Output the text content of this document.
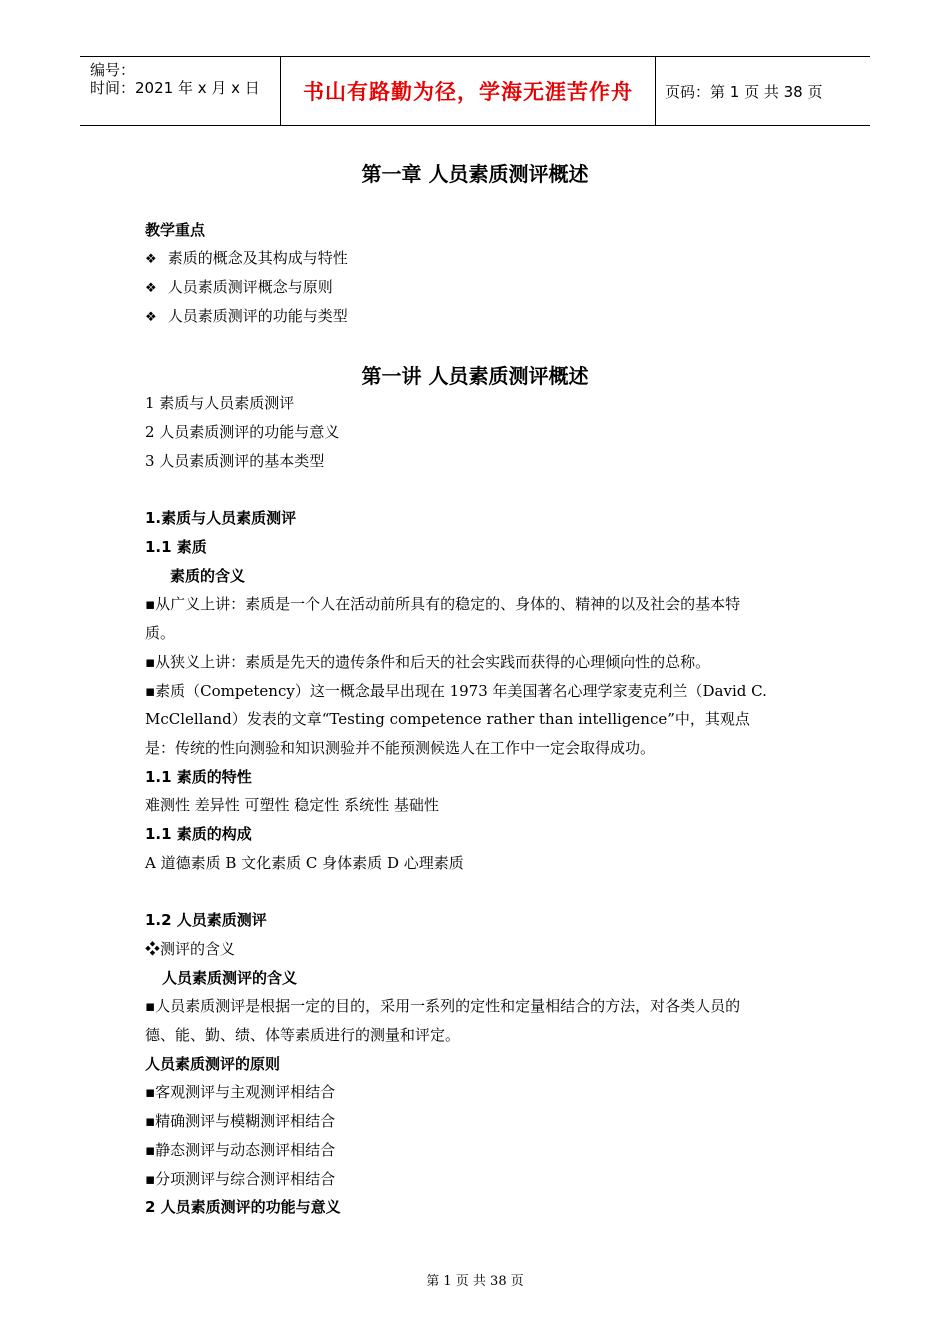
编号：
时间：2021 年 x 月 x 日 书山有路勤为径，学海无涯苦作舟 页码：第 1 页 共 38 页
第一章 人员素质测评概述
教学重点
❖ 素质的概念及其构成与特性
❖ 人员素质测评概念与原则
❖ 人员素质测评的功能与类型
第一讲 人员素质测评概述
1 素质与人员素质测评
2 人员素质测评的功能与意义
3 人员素质测评的基本类型
1.素质与人员素质测评
1.1 素质
素质的含义
▪从广义上讲：素质是一个人在活动前所具有的稳定的、身体的、精神的以及社会的基本特
质。
▪从狭义上讲：素质是先天的遗传条件和后天的社会实践而获得的心理倾向性的总称。
▪素质（Competency）这一概念最早出现在 1973 年美国著名心理学家麦克利兰（David C.
McClelland）发表的文章“Testing competence rather than intelligence”中，其观点
是：传统的性向测验和知识测验并不能预测候选人在工作中一定会取得成功。
1.1 素质的特性
难测性 差异性 可塑性 稳定性 系统性 基础性
1.1 素质的构成
A 道德素质 B 文化素质 C 身体素质 D 心理素质
1.2 人员素质测评
❖测评的含义
人员素质测评的含义
▪人员素质测评是根据一定的目的，采用一系列的定性和定量相结合的方法，对各类人员的
德、能、勤、绩、体等素质进行的测量和评定。
人员素质测评的原则
▪客观测评与主观测评相结合
▪精确测评与模糊测评相结合
▪静态测评与动态测评相结合
▪分项测评与综合测评相结合
2 人员素质测评的功能与意义
第 1 页 共 38 页
